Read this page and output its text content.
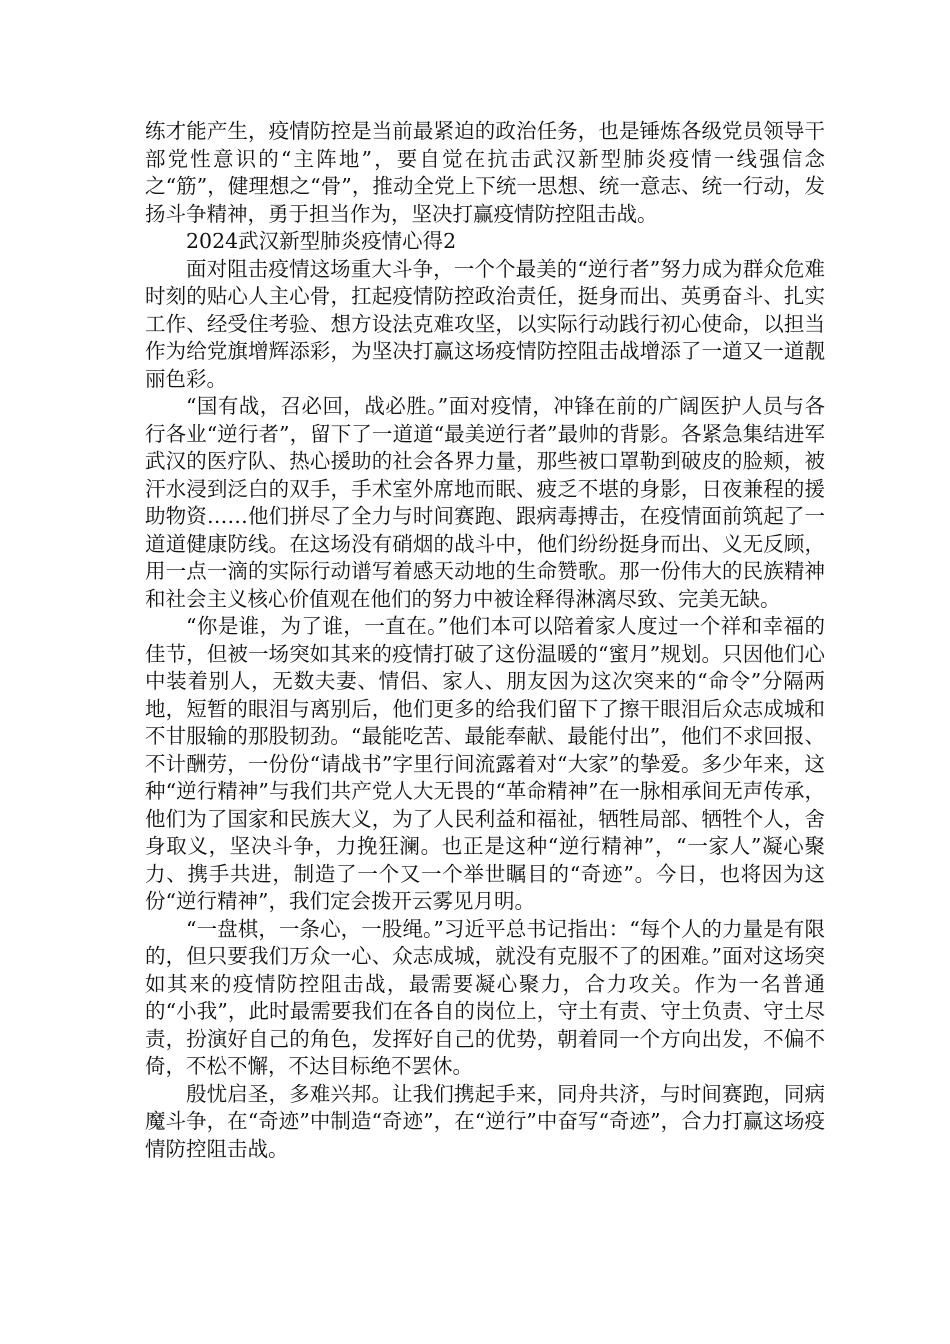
练才能产生，疫情防控是当前最紧迫的政治任务，也是锤炼各级党员领导干部党性意识的“主阵地”，要自觉在抗击武汉新型肺炎疫情一线强信念之“筋”，健理想之“骨”，推动全党上下统一思想、统一意志、统一行动，发扬斗争精神，勇于担当作为，坚决打赢疫情防控阻击战。

2024武汉新型肺炎疫情心得2

面对阻击疫情这场重大斗争，一个个最美的“逆行者”努力成为群众危难时刻的贴心人主心骨，扛起疫情防控政治责任，挺身而出、英勇奋斗、扎实工作、经受住考验、想方设法克难攻坚，以实际行动践行初心使命，以担当作为给党旗增辉添彩，为坚决打赢这场疫情防控阻击战增添了一道又一道靓丽色彩。

“国有战，召必回，战必胜。”面对疫情，冲锋在前的广阔医护人员与各行各业“逆行者”，留下了一道道“最美逆行者”最帅的背影。各紧急集结进军武汉的医疗队、热心援助的社会各界力量，那些被口罩勒到破皮的脸颊，被汗水浸到泛白的双手，手术室外席地而眠、疲乏不堪的身影，日夜兼程的援助物资……他们拼尽了全力与时间赛跑、跟病毒搏击，在疫情面前筑起了一道道健康防线。在这场没有硝烟的战斗中，他们纷纷挺身而出、义无反顾，用一点一滴的实际行动谱写着感天动地的生命赞歌。那一份伟大的民族精神和社会主义核心价值观在他们的努力中被诠释得淋漓尽致、完美无缺。

“你是谁，为了谁，一直在。”他们本可以陪着家人度过一个祥和幸福的佳节，但被一场突如其来的疫情打破了这份温暖的“蜜月”规划。只因他们心中装着别人，无数夫妻、情侣、家人、朋友因为这次突来的“命令”分隔两地，短暂的眼泪与离别后，他们更多的给我们留下了擦干眼泪后众志成城和不甘服输的那股韧劲。“最能吃苦、最能奉献、最能付出”，他们不求回报、不计酬劳，一份份“请战书”字里行间流露着对“大家”的挚爱。多少年来，这种“逆行精神”与我们共产党人大无畏的“革命精神”在一脉相承间无声传承，他们为了国家和民族大义，为了人民利益和福祉，牺牲局部、牺牲个人，舍身取义，坚决斗争，力挽狂澜。也正是这种“逆行精神”，“一家人”凝心聚力、携手共进，制造了一个又一个举世瞩目的“奇迹”。今日，也将因为这份“逆行精神”，我们定会拨开云雾见月明。

“一盘棋，一条心，一股绳。”习近平总书记指出：“每个人的力量是有限的，但只要我们万众一心、众志成城，就没有克服不了的困难。”面对这场突如其来的疫情防控阻击战，最需要凝心聚力，合力攻关。作为一名普通的“小我”，此时最需要我们在各自的岗位上，守土有责、守土负责、守土尽责，扮演好自己的角色，发挥好自己的优势，朝着同一个方向出发，不偏不倚，不松不懈，不达目标绝不罢休。

殷忧启圣，多难兴邦。让我们携起手来，同舟共济，与时间赛跑，同病魔斗争，在“奇迹”中制造“奇迹”，在“逆行”中奋写“奇迹”，合力打赢这场疫情防控阻击战。
